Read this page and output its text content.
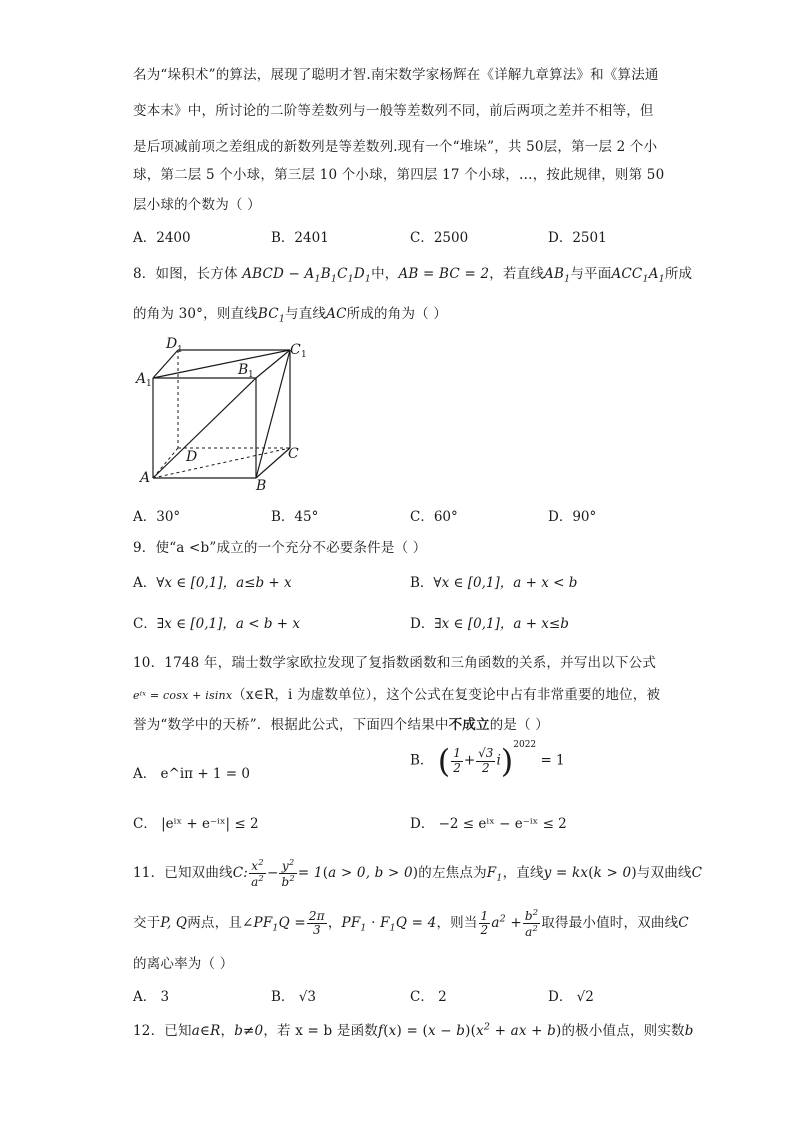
名为“垛积术”的算法，展现了聪明才智.南宋数学家杨辉在《详解九章算法》和《算法通
变本末》中，所讨论的二阶等差数列与一般等差数列不同，前后两项之差并不相等，但
是后项减前项之差组成的新数列是等差数列.现有一个“堆垛”，共 50层，第一层 2 个小
球，第二层 5 个小球，第三层 10 个小球，第四层 17 个小球，…，按此规律，则第 50
层小球的个数为（ ）
A．2400	B．2401	C．2500	D．2501
8．如图，长方体 ABCD − $A_1B_1C_1D_1$中，AB = BC = 2，若直线$AB_1$与平面$ACC_1A_1$所成
的角为 30°，则直线$BC_1$与直线AC所成的角为（ ）
D 1	C 1
A 1
B 1
D	C
A	B
A．30°	B．45°	C．60°	D．90°
9．使“a <b”成立的一个充分不必要条件是（ ）
A．∀x ∈ [0,1]，a≤b + x	B．∀x ∈ [0,1]，a + x < b
C．∃x ∈ [0,1]，a < b + x	D．∃x ∈ [0,1]，a + x≤b
10．1748 年，瑞士数学家欧拉发现了复指数函数和三角函数的关系，并写出以下公式
eⁱˣ = cosx + isinx（x∈R，i 为虚数单位），这个公式在复变论中占有非常重要的地位，被
誉为“数学中的天桥”．根据此公式，下面四个结果中不成立的是（ ）
A． e^iπ + 1 = 0
B． ( $\frac{1}{2} + \frac{√3}{2} i)^{2022} = 1$
C． |eⁱˣ + e⁻ⁱˣ| ≤ 2	D． −2 ≤ eⁱˣ − e⁻ⁱˣ ≤ 2
11．已知双曲线C: $\frac{x^2}{a^2} - \frac{y^2}{b^2} = 1(a > 0$, b > 0)的左焦点为$F_1$，直线y = kx(k > 0)与双曲线C
交于P, Q两点，且$\angle PF_1Q = \frac{2\pi}{3}$ ，$PF_1 \cdot F_1Q = 4$，则当 $\frac{1}{2} a^2 + \frac{b^2}{a^2}$ 取得最小值时，双曲线C
的离心率为（ ）
A． 3	B． √3	C． 2	D． √2
12．已知a∈R，b≠0，若 x = b 是函数$f(x) = (x - b)(x^2$ + ax + b)的极小值点，则实数b
